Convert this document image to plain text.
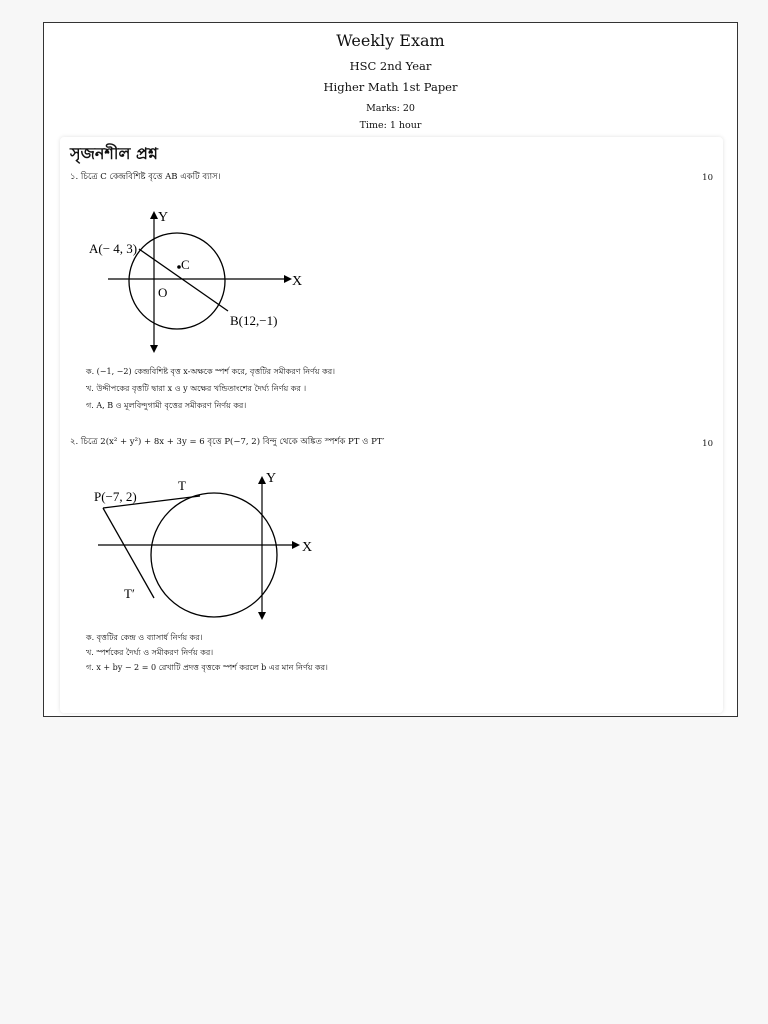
Weekly Exam
HSC 2nd Year
Higher Math 1st Paper
Marks: 20
Time: 1 hour
সৃজনশীল প্রশ্ন
১. চিত্রে C কেন্দ্রবিশিষ্ট বৃত্তে AB একটি ব্যাস।	10
Y
X
O
C
A(− 4, 3)
B(12,−1)
ক. (−1, −2) কেন্দ্রবিশিষ্ট বৃত্ত x-অক্ষকে স্পর্শ করে, বৃত্তটির সমীকরণ নির্ণয় কর।
খ. উদ্দীপকের বৃত্তটি দ্বারা x ও y অক্ষের খন্ডিতাংশের দৈর্ঘ্য নির্ণয় কর ।
গ. A, B ও মূলবিন্দুগামী বৃত্তের সমীকরণ নির্ণয় কর।
২. চিত্রে 2(x² + y²) + 8x + 3y = 6 বৃত্তে P(−7, 2) বিন্দু থেকে অঙ্কিত স্পর্শক PT ও PT′	10
P(−7, 2)
T
T′
Y
X
ক. বৃত্তটির কেন্দ্র ও ব্যাসার্ধ নির্ণয় কর।
খ. স্পর্শকের দৈর্ঘ্য ও সমীকরণ নির্ণয় কর।
গ. x + by − 2 = 0 রেখাটি প্রদত্ত বৃত্তকে স্পর্শ করলে b এর মান নির্ণয় কর।
